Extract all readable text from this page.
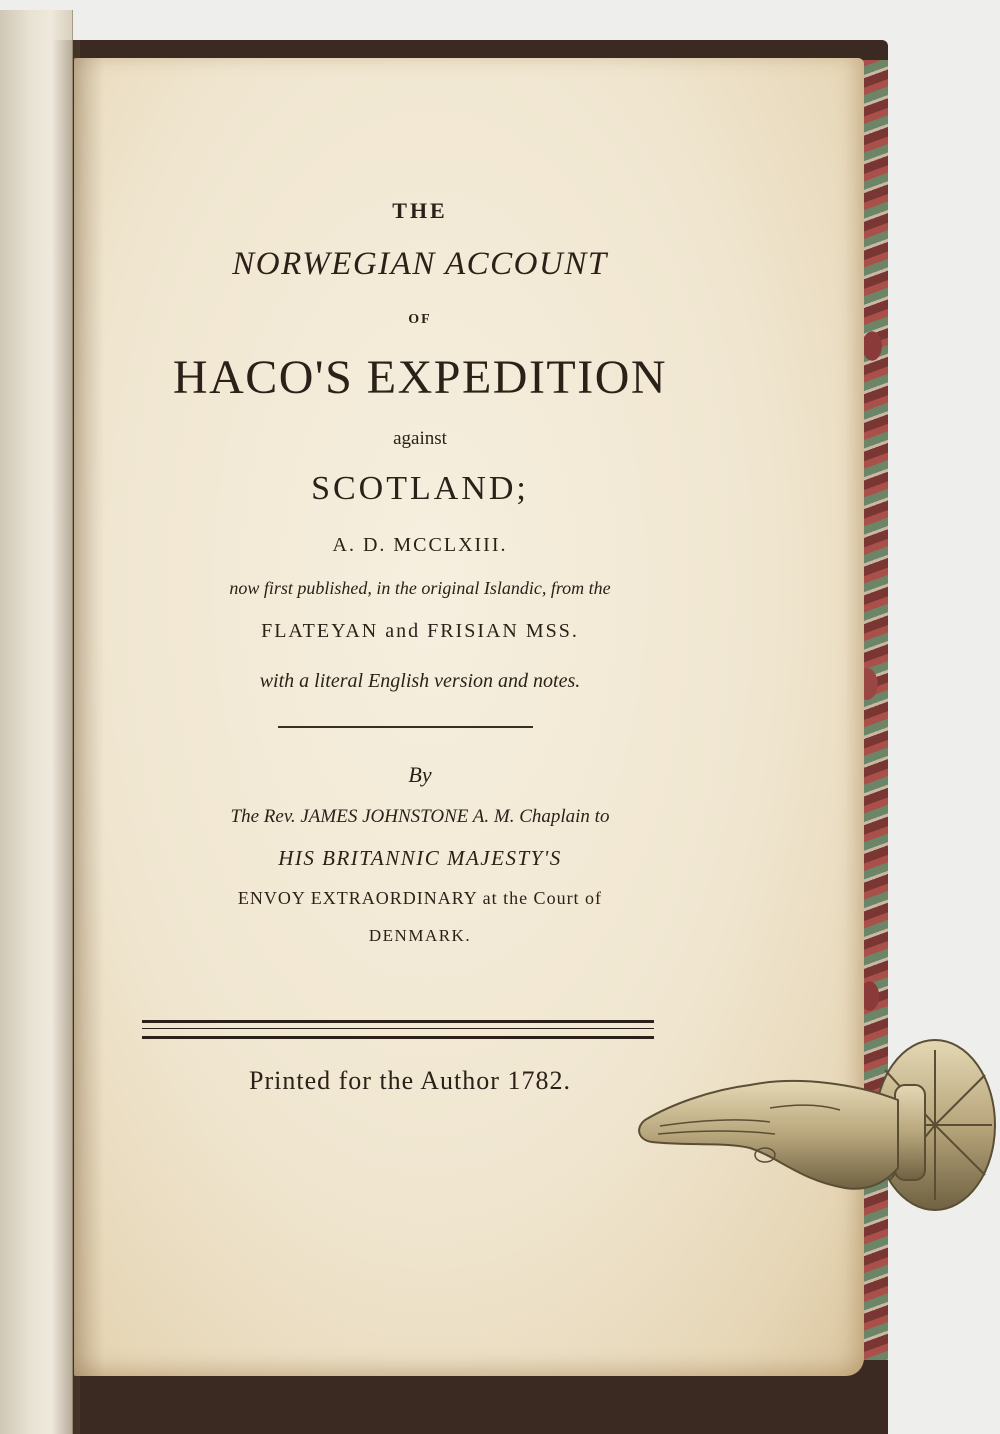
THE
NORWEGIAN ACCOUNT
OF
HACO'S EXPEDITION
against
SCOTLAND;
A. D. MCCLXIII.
now first published, in the original Islandic, from the
FLATEYAN and FRISIAN MSS.
with a literal English version and notes.
By
The Rev. JAMES JOHNSTONE A. M. Chaplain to
HIS BRITANNIC MAJESTY'S
ENVOY EXTRAORDINARY at the Court of
DENMARK.
Printed for the Author 1782.
